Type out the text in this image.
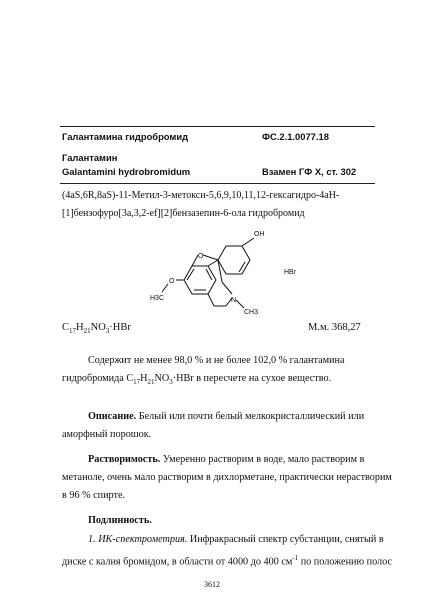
Галантамина гидробромид	ФС.2.1.0077.18
Галантамин
Galantamini hydrobromidum	Взамен ГФ X, ст. 302
(4aS,6R,8aS)-11-Метил-3-метокси-5,6,9,10,11,12-гексагидро-4aH-
[1]бензофуро[3a,3,2-ef][2]бензазепин-6-ола гидробромид
OH
O
O
H3C	N
CH3
HBr
$C_{17}H_{21}NO_3\cdot HBr$	М.м. 368,27
Содержит не менее 98,0 % и не более 102,0 % галантамина
гидробромида $C_{17}H_{21}NO_3\cdot HBr$ в пересчете на сухое вещество.
Описание. Белый или почти белый мелкокристаллический или
аморфный порошок.
Растворимость. Умеренно растворим в воде, мало растворим в
метаноле, очень мало растворим в дихлорметане, практически нерастворим
в 96 % спирте.
Подлинность.
1. ИК-спектрометрия. Инфракрасный спектр субстанции, снятый в
диске с калия бромидом, в области от 4000 до 400 $см^{-1}$ по положению полос
3612
